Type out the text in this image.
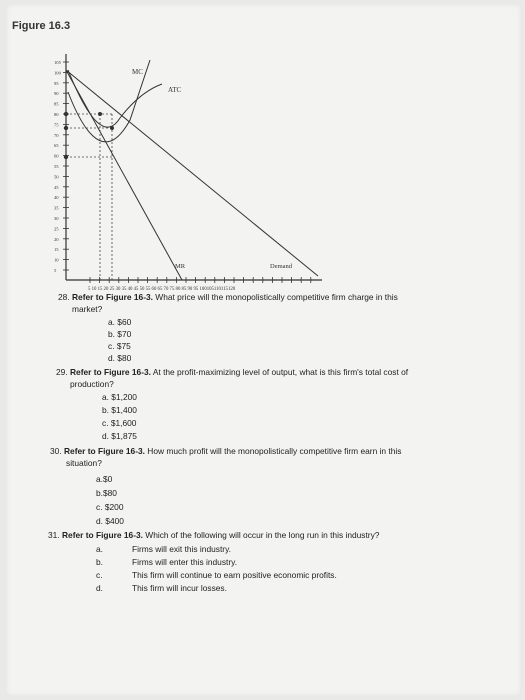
Figure 16.3
105
100
95
90
85
80
75
70
65
60
55
50
45
40
35
30
25
20
15
10
5
MC
ATC
MR	Demand
5 10 15 20 25 30 35 40 45 50 55 60 65 70 75 80 85 90 95 100105110115120
28. Refer to Figure 16-3. What price will the monopolistically competitive firm charge in this
market?
a. $60
b. $70
c. $75
d. $80
29. Refer to Figure 16-3. At the profit-maximizing level of output, what is this firm's total cost of
production?
a. $1,200
b. $1,400
c. $1,600
d. $1,875
30. Refer to Figure 16-3. How much profit will the monopolistically competitive firm earn in this
situation?
a.$0
b.$80
c. $200
d. $400
31. Refer to Figure 16-3. Which of the following will occur in the long run in this industry?
a.	Firms will exit this industry.
b.	Firms will enter this industry.
c.	This firm will continue to earn positive economic profits.
d.	This firm will incur losses.
